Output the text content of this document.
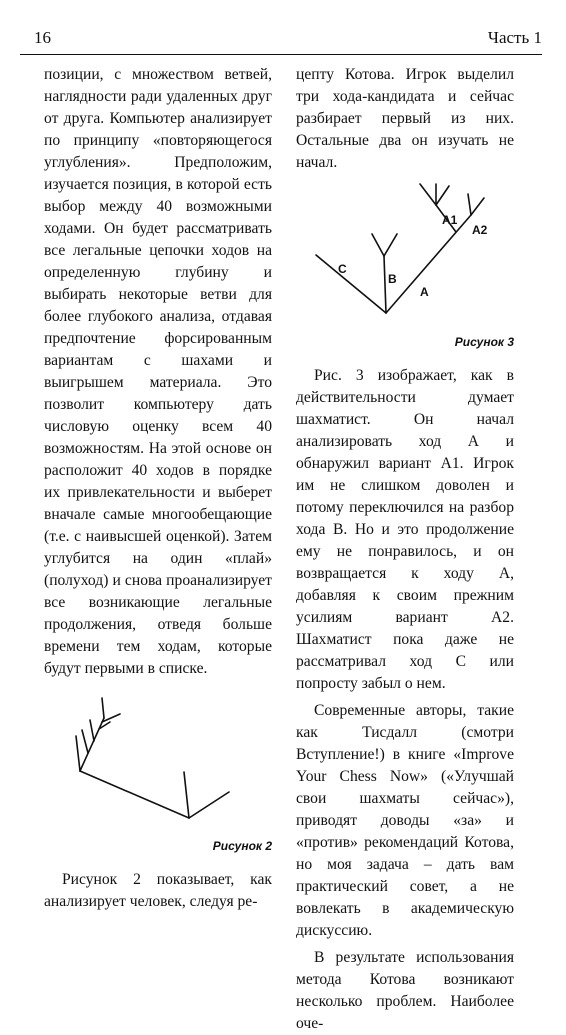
16	Часть 1

позиции, с множеством ветвей, наглядности ради удаленных друг от друга. Компьютер анализирует по принципу «повторяющегося углубления». Предположим, изучается позиция, в которой есть выбор между 40 возможными ходами. Он будет рассматривать все легальные цепочки ходов на определенную глубину и выбирать некоторые ветви для более глубокого анализа, отдавая предпочтение форсированным вариантам с шахами и выигрышем материала. Это позволит компьютеру дать числовую оценку всем 40 возможностям. На этой основе он расположит 40 ходов в порядке их привлекательности и выберет вначале самые многообещающие (т.е. с наивысшей оценкой). Затем углубится на один «плай» (полуход) и снова проанализирует все возникающие легальные продолжения, отведя больше времени тем ходам, которые будут первыми в списке.

Рисунок 2

Рисунок 2 показывает, как анализирует человек, следуя ре-

цепту Котова. Игрок выделил три хода-кандидата и сейчас разбирает первый из них. Остальные два он изучать не начал.

C
B
A
A1
A2
Рисунок 3

Рис. 3 изображает, как в действительности думает шахматист. Он начал анализировать ход А и обнаружил вариант А1. Игрок им не слишком доволен и потому переключился на разбор хода В. Но и это продолжение ему не понравилось, и он возвращается к ходу А, добавляя к своим прежним усилиям вариант А2. Шахматист пока даже не рассматривал ход С или попросту забыл о нем.

Современные авторы, такие как Тисдалл (смотри Вступление!) в книге «Improve Your Chess Now» («Улучшай свои шахматы сейчас»), приводят доводы «за» и «против» рекомендаций Котова, но моя задача – дать вам практический совет, а не вовлекать в академическую дискуссию.

В результате использования метода Котова возникают несколько проблем. Наиболее оче-
